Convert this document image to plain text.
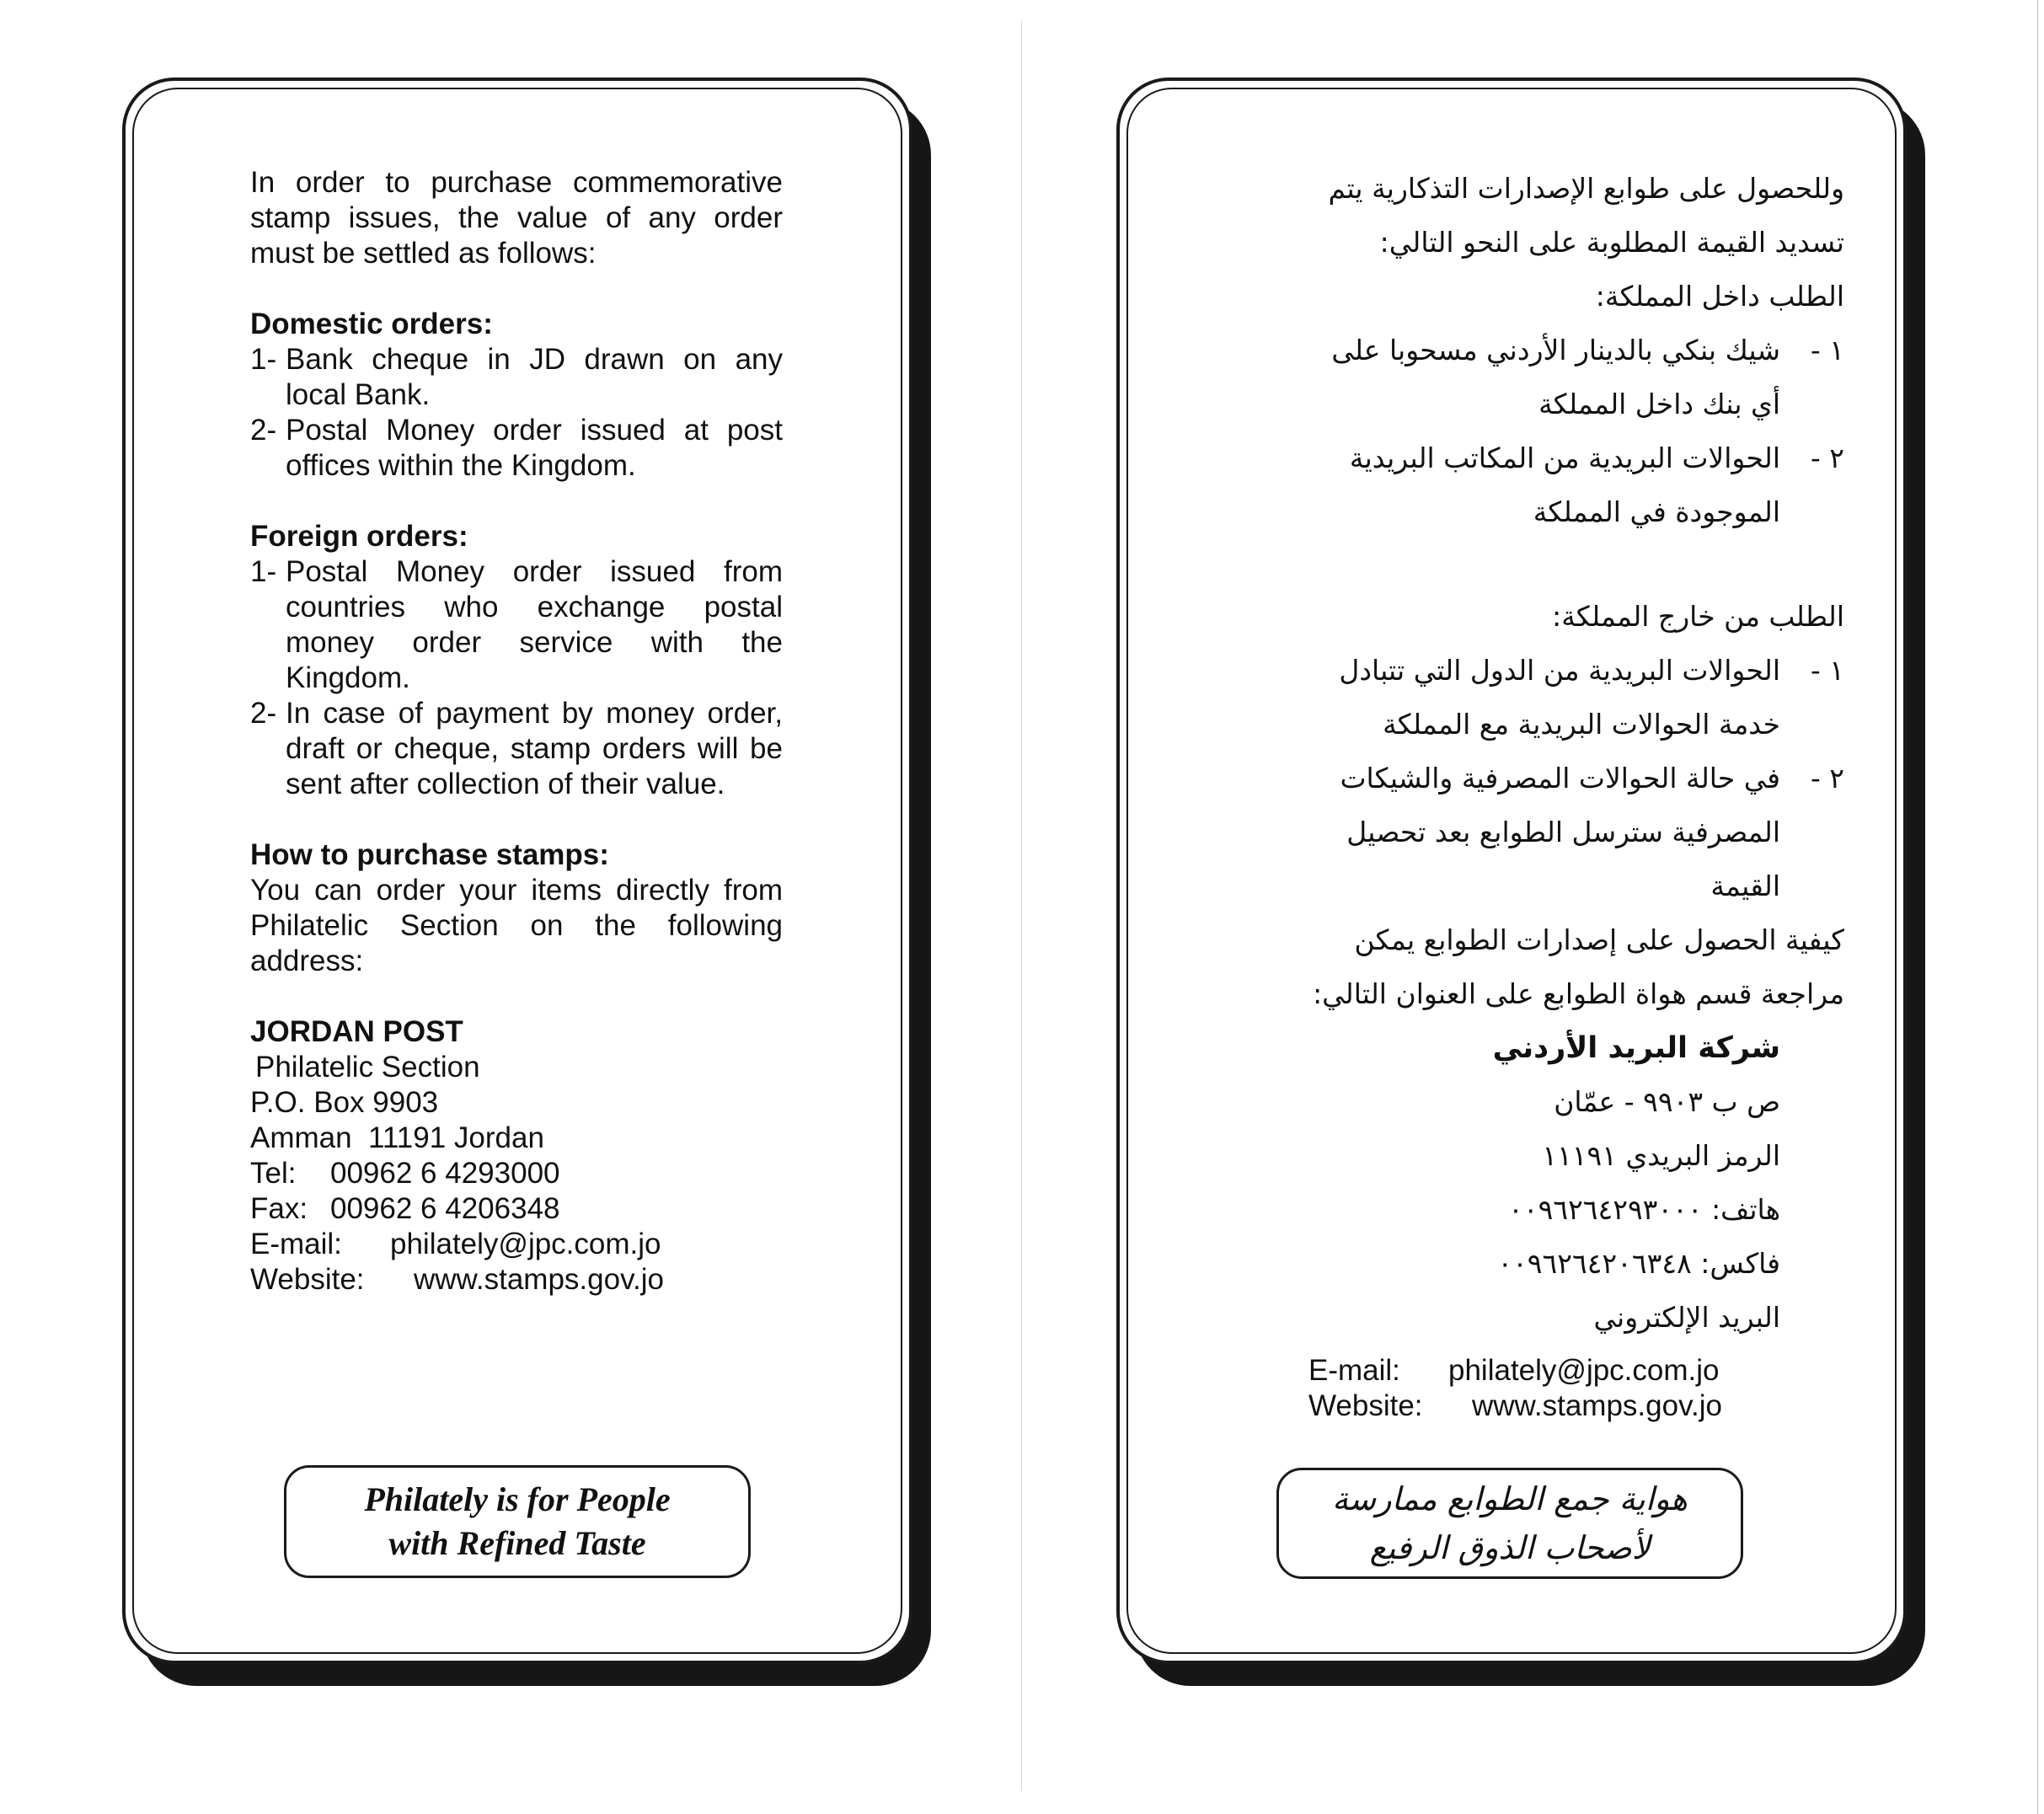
In order to purchase commemorative stamp issues, the value of any order must be settled as follows:

Domestic orders:

1- Bank cheque in JD drawn on any local Bank.
2- Postal Money order issued at post offices within the Kingdom.

Foreign orders:

1- Postal Money order issued from countries who exchange postal money order service with the Kingdom.
2- In case of payment by money order, draft or cheque, stamp orders will be sent after collection of their value.

How to purchase stamps:

You can order your items directly from Philatelic Section on the following address:

JORDAN POST

Philatelic Section

P.O. Box 9903

Amman  11191 Jordan

Tel:	00962 6 4293000
Fax: 00962 6 4206348
E-mail:	philately@jpc.com.jo
Website:	www.stamps.gov.jo
Philately is for People
with Refined Taste

وللحصول على طوابع الإصدارات التذكارية يتم

تسديد القيمة المطلوبة على النحو التالي:

الطلب داخل المملكة:

١ -

شيك بنكي بالدينار الأردني مسحوبا على

أي بنك داخل المملكة

٢ -

الحوالات البريدية من المكاتب البريدية

الموجودة في المملكة

الطلب من خارج المملكة:

١ -

الحوالات البريدية من الدول التي تتبادل

خدمة الحوالات البريدية مع المملكة

٢ -

في حالة الحوالات المصرفية والشيكات

المصرفية سترسل الطوابع بعد تحصيل

القيمة

كيفية الحصول على إصدارات الطوابع يمكن

مراجعة قسم هواة الطوابع على العنوان التالي:

شركة البريد الأردني

ص ب ٩٩٠٣ - عمّان

الرمز البريدي ١١١٩١

هاتف: ٠٠٩٦٢٦٤٢٩٣٠٠٠

فاكس: ٠٠٩٦٢٦٤٢٠٦٣٤٨

البريد الإلكتروني

E-mail:	philately@jpc.com.jo
Website:	www.stamps.gov.jo
هواية جمع الطوابع ممارسة
لأصحاب الذوق الرفيع
